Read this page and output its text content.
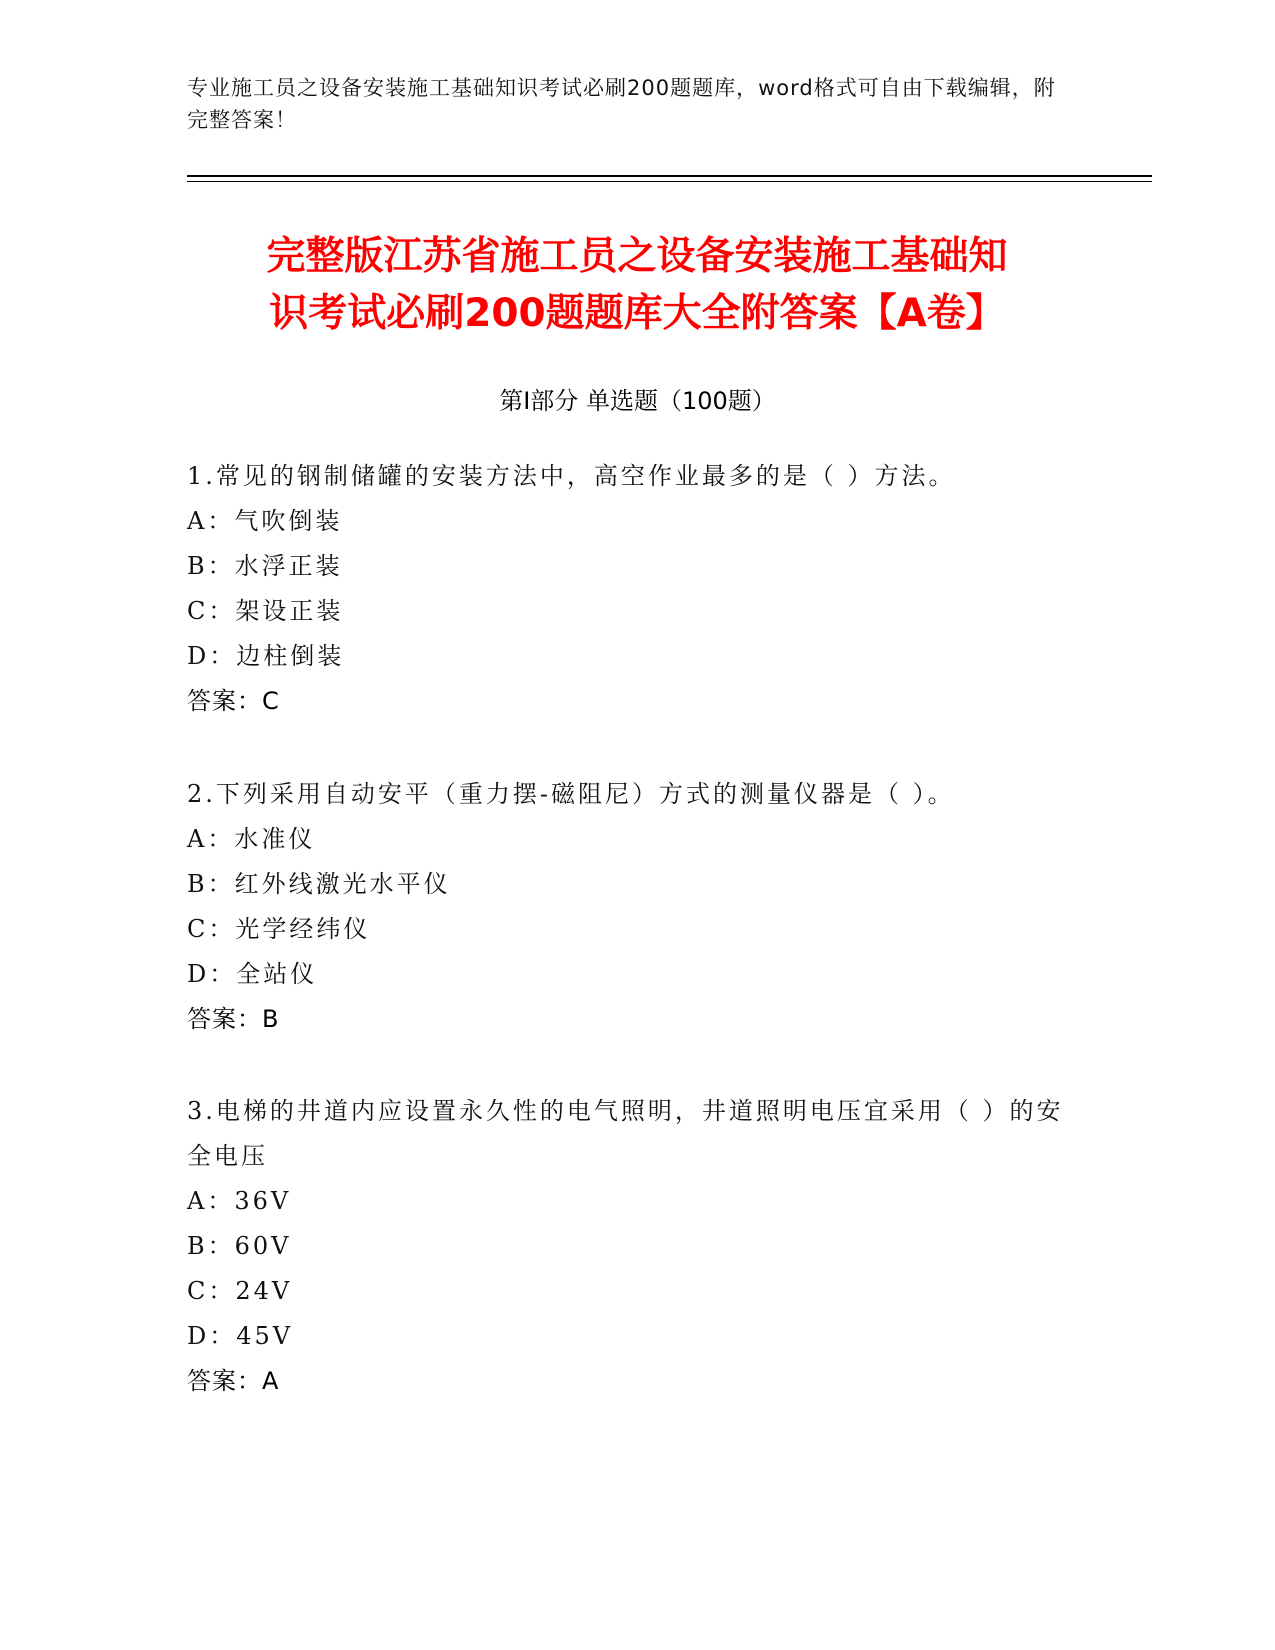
专业施工员之设备安装施工基础知识考试必刷200题题库，word格式可自由下载编辑，附完整答案！
完整版江苏省施工员之设备安装施工基础知
识考试必刷200题题库大全附答案【A卷】
第Ⅰ部分 单选题（100题）
1.常见的钢制储罐的安装方法中，高空作业最多的是（ ）方法。
A：气吹倒装
B：水浮正装
C：架设正装
D：边柱倒装
答案：C
2.下列采用自动安平（重力摆-磁阻尼）方式的测量仪器是（ ）。
A：水准仪
B：红外线激光水平仪
C：光学经纬仪
D：全站仪
答案：B
3.电梯的井道内应设置永久性的电气照明，井道照明电压宜采用（ ）的安全电压
A：36V
B：60V
C：24V
D：45V
答案：A
